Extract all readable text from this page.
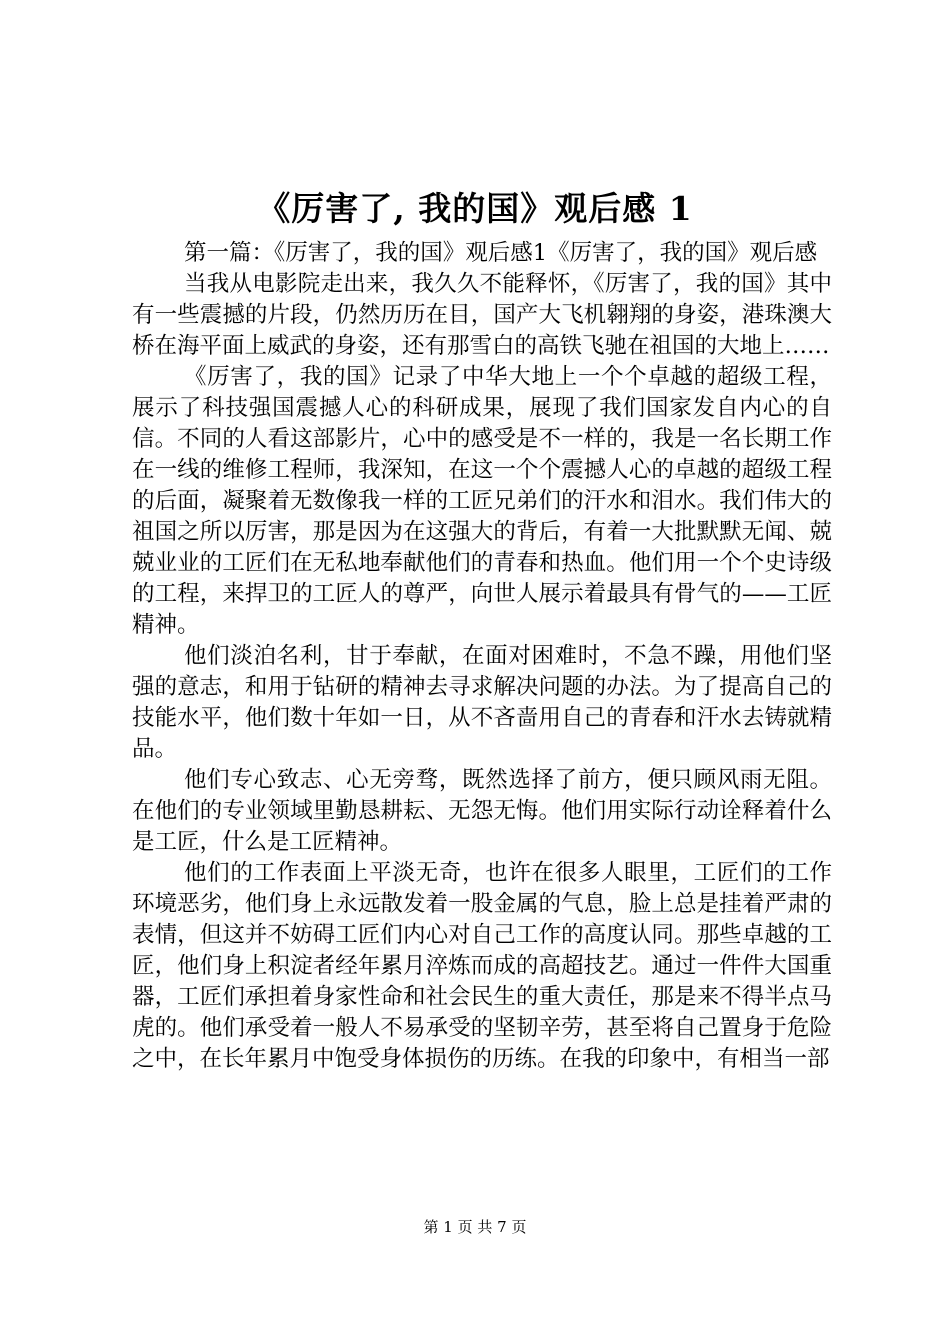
《厉害了, 我的国》观后感 1

第一篇：《厉害了，我的国》观后感1《厉害了，我的国》观后感

当我从电影院走出来，我久久不能释怀，《厉害了，我的国》其中有一些震撼的片段，仍然历历在目，国产大飞机翱翔的身姿，港珠澳大桥在海平面上威武的身姿，还有那雪白的高铁飞驰在祖国的大地上……

《厉害了，我的国》记录了中华大地上一个个卓越的超级工程，展示了科技强国震撼人心的科研成果，展现了我们国家发自内心的自信。不同的人看这部影片，心中的感受是不一样的，我是一名长期工作在一线的维修工程师，我深知，在这一个个震撼人心的卓越的超级工程的后面，凝聚着无数像我一样的工匠兄弟们的汗水和泪水。我们伟大的祖国之所以厉害，那是因为在这强大的背后，有着一大批默默无闻、兢兢业业的工匠们在无私地奉献他们的青春和热血。他们用一个个史诗级的工程，来捍卫的工匠人的尊严，向世人展示着最具有骨气的——工匠精神。

他们淡泊名利，甘于奉献，在面对困难时，不急不躁，用他们坚强的意志，和用于钻研的精神去寻求解决问题的办法。为了提高自己的技能水平，他们数十年如一日，从不吝啬用自己的青春和汗水去铸就精品。

他们专心致志、心无旁骛，既然选择了前方，便只顾风雨无阻。在他们的专业领域里勤恳耕耘、无怨无悔。他们用实际行动诠释着什么是工匠，什么是工匠精神。

他们的工作表面上平淡无奇，也许在很多人眼里，工匠们的工作环境恶劣，他们身上永远散发着一股金属的气息，脸上总是挂着严肃的表情，但这并不妨碍工匠们内心对自己工作的高度认同。那些卓越的工匠，他们身上积淀者经年累月淬炼而成的高超技艺。通过一件件大国重器，工匠们承担着身家性命和社会民生的重大责任，那是来不得半点马虎的。他们承受着一般人不易承受的坚韧辛劳，甚至将自己置身于危险之中，在长年累月中饱受身体损伤的历练。在我的印象中，有相当一部

第 1 页 共 7 页
